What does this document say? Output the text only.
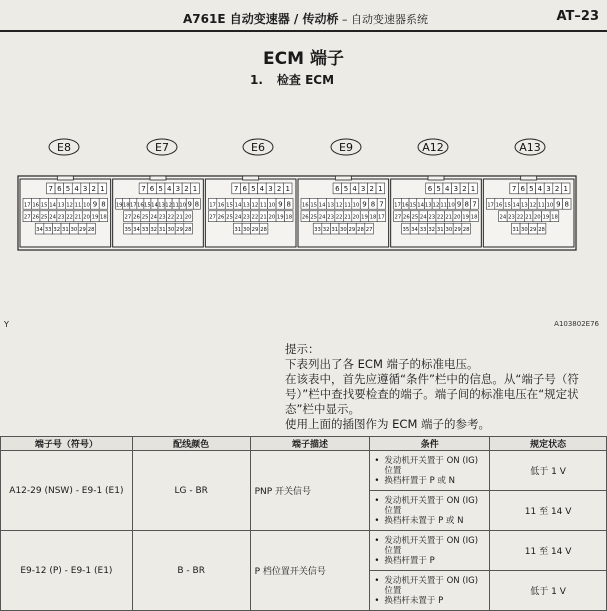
A761E 自动变速器 / 传动桥 – 自动变速器系统	AT–23
ECM 端子
1. 检查 ECM
E8
7 6 5 4 3 2 1
17 16 15 14 13 12 11 10 9 8
27 26 25 24 23 22 21 20 19 18
34 33 32 31 30 29 28
E7
7 6 5 4 3 2 1
19 18 17 16 15 14 13 12 11 10 9 8
27 26 25 24 23 22 21 20
35 34 33 32 31 30 29 28
E6
7 6 5 4 3 2 1
17 16 15 14 13 12 11 10 9 8
27 26 25 24 23 22 21 20 19 18
31 30 29 28
E9
6 5 4 3 2 1
16 15 14 13 12 11 10 9 8 7
26 25 24 23 22 21 20 19 18 17
33 32 31 30 29 28 27
A12
6 5 4 3 2 1
17 16 15 14 13 12 11 10 9 8 7
27 26 25 24 23 22 21 20 19 18
35 34 33 32 31 30 29 28
A13
7 6 5 4 3 2 1
17 16 15 14 13 12 11 10 9 8
24 23 22 21 20 19 18
31 30 29 28
Y	A103802E76

提示：

下表列出了各 ECM 端子的标准电压。

在该表中，首先应遵循“条件”栏中的信息。从“端子号（符号）”栏中查找要检查的端子。端子间的标准电压在“规定状态”栏中显示。

使用上面的插图作为 ECM 端子的参考。

端子号（符号）	配线颜色	端子描述	条件	规定状态
A12-29 (NSW) - E9-1 (E1)	LG - BR	PNP 开关信号	• 发动机开关置于 ON (IG) 位置
• 换档杆置于 P 或 N	低于 1 V

			• 发动机开关置于 ON (IG) 位置
• 换档杆未置于 P 或 N	11 至 14 V
E9-12 (P) - E9-1 (E1)	B - BR	P 档位置开关信号	• 发动机开关置于 ON (IG) 位置
• 换档杆置于 P	11 至 14 V

			• 发动机开关置于 ON (IG) 位置
• 换档杆未置于 P	低于 1 V
